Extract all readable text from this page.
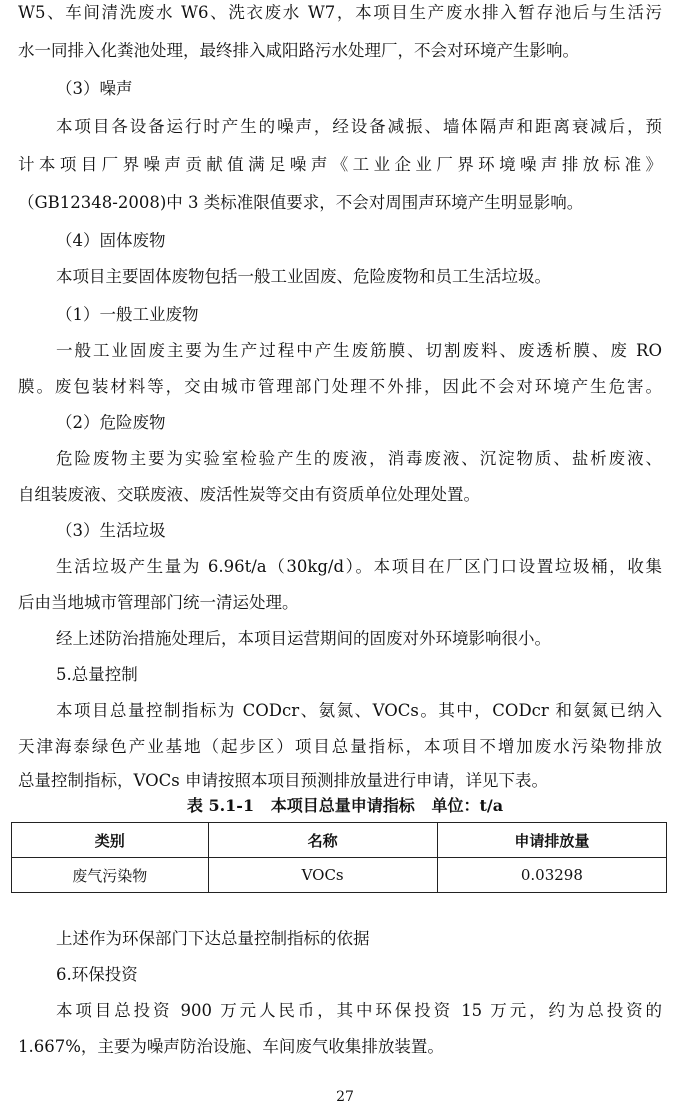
W5、车间清洗废水 W6、洗衣废水 W7，本项目生产废水排入暂存池后与生活污
水一同排入化粪池处理，最终排入咸阳路污水处理厂，不会对环境产生影响。
（3）噪声
本项目各设备运行时产生的噪声，经设备减振、墙体隔声和距离衰减后，预
计本项目厂界噪声贡献值满足噪声《工业企业厂界环境噪声排放标准》
（GB12348-2008)中 3 类标准限值要求，不会对周围声环境产生明显影响。
（4）固体废物
本项目主要固体废物包括一般工业固废、危险废物和员工生活垃圾。
（1）一般工业废物
一般工业固废主要为生产过程中产生废筋膜、切割废料、废透析膜、废 RO
膜。废包装材料等，交由城市管理部门处理不外排，因此不会对环境产生危害。
（2）危险废物
危险废物主要为实验室检验产生的废液，消毒废液、沉淀物质、盐析废液、
自组装废液、交联废液、废活性炭等交由有资质单位处理处置。
（3）生活垃圾
生活垃圾产生量为 6.96t/a（30kg/d）。本项目在厂区门口设置垃圾桶，收集
后由当地城市管理部门统一清运处理。
经上述防治措施处理后，本项目运营期间的固废对外环境影响很小。
5.总量控制
本项目总量控制指标为 CODcr、氨氮、VOCs。其中，CODcr 和氨氮已纳入
天津海泰绿色产业基地（起步区）项目总量指标，本项目不增加废水污染物排放
总量控制指标，VOCs 申请按照本项目预测排放量进行申请，详见下表。
表 5.1-1   本项目总量申请指标   单位：t/a
类别	名称	申请排放量
废气污染物	VOCs	0.03298
上述作为环保部门下达总量控制指标的依据
6.环保投资
本项目总投资 900 万元人民币，其中环保投资 15 万元，约为总投资的
1.667%，主要为噪声防治设施、车间废气收集排放装置。
27
